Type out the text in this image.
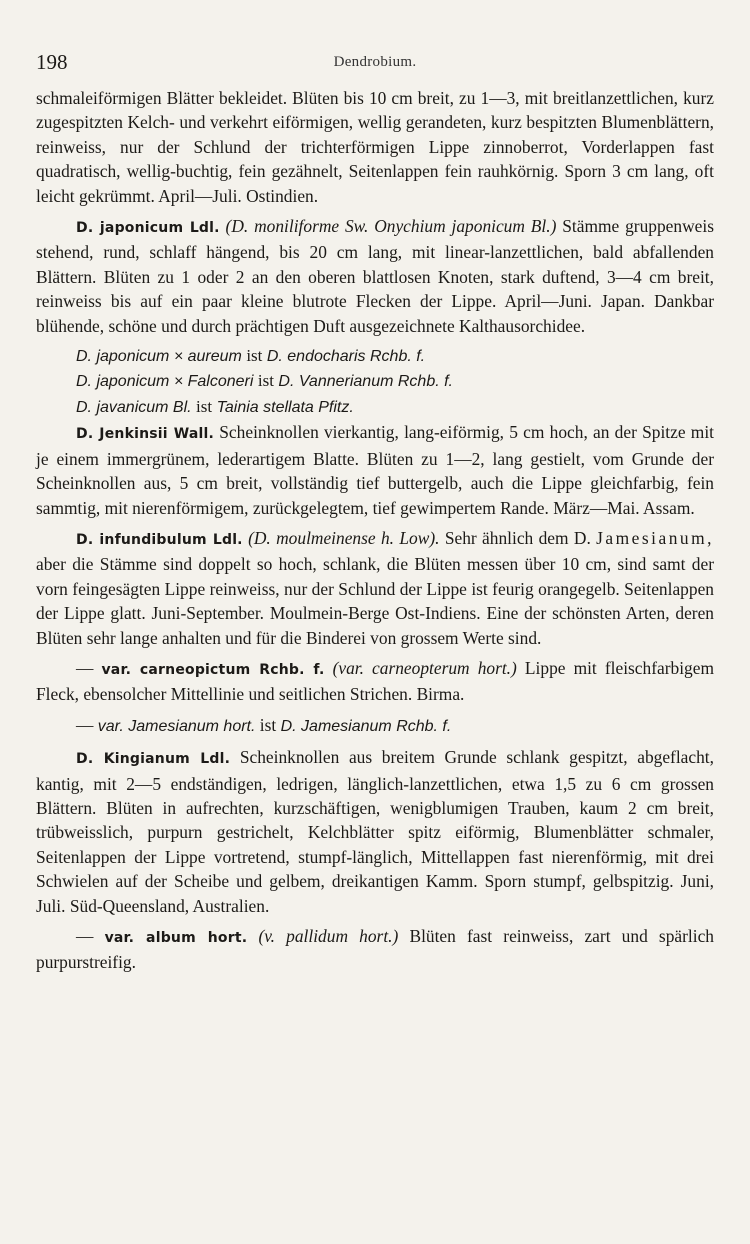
198	Dendrobium.

schmaleiförmigen Blätter bekleidet. Blüten bis 10 cm breit, zu 1—3, mit breitlanzettlichen, kurz zugespitzten Kelch- und verkehrt eiförmigen, wellig gerandeten, kurz bespitzten Blumenblättern, reinweiss, nur der Schlund der trichterförmigen Lippe zinnoberrot, Vorderlappen fast quadratisch, wellig-buchtig, fein gezähnelt, Seitenlappen fein rauhkörnig. Sporn 3 cm lang, oft leicht gekrümmt. April—Juli. Ostindien.

D. japonicum Ldl. (D. moniliforme Sw. Onychium japonicum Bl.) Stämme gruppenweis stehend, rund, schlaff hängend, bis 20 cm lang, mit linear-lanzettlichen, bald abfallenden Blättern. Blüten zu 1 oder 2 an den oberen blattlosen Knoten, stark duftend, 3—4 cm breit, reinweiss bis auf ein paar kleine blutrote Flecken der Lippe. April—Juni. Japan. Dankbar blühende, schöne und durch prächtigen Duft ausgezeichnete Kalthausorchidee.

D. japonicum × aureum ist D. endocharis Rchb. f.
D. japonicum × Falconeri ist D. Vannerianum Rchb. f.
D. javanicum Bl. ist Tainia stellata Pfitz.

D. Jenkinsii Wall. Scheinknollen vierkantig, lang-eiförmig, 5 cm hoch, an der Spitze mit je einem immergrünem, lederartigem Blatte. Blüten zu 1—2, lang gestielt, vom Grunde der Scheinknollen aus, 5 cm breit, vollständig tief buttergelb, auch die Lippe gleichfarbig, fein sammtig, mit nierenförmigem, zurückgelegtem, tief gewimpertem Rande. März—Mai. Assam.

D. infundibulum Ldl. (D. moulmeinense h. Low). Sehr ähnlich dem D. Jamesianum, aber die Stämme sind doppelt so hoch, schlank, die Blüten messen über 10 cm, sind samt der vorn feingesägten Lippe reinweiss, nur der Schlund der Lippe ist feurig orangegelb. Seitenlappen der Lippe glatt. Juni-September. Moulmein-Berge Ost-Indiens. Eine der schönsten Arten, deren Blüten sehr lange anhalten und für die Binderei von grossem Werte sind.

— var. carneopictum Rchb. f. (var. carneopterum hort.) Lippe mit fleischfarbigem Fleck, ebensolcher Mittellinie und seitlichen Strichen. Birma.

— var. Jamesianum hort. ist D. Jamesianum Rchb. f.

D. Kingianum Ldl. Scheinknollen aus breitem Grunde schlank gespitzt, abgeflacht, kantig, mit 2—5 endständigen, ledrigen, länglich-lanzettlichen, etwa 1,5 zu 6 cm grossen Blättern. Blüten in aufrechten, kurzschäftigen, wenigblumigen Trauben, kaum 2 cm breit, trübweisslich, purpurn gestrichelt, Kelchblätter spitz eiförmig, Blumenblätter schmaler, Seitenlappen der Lippe vortretend, stumpf-länglich, Mittellappen fast nierenförmig, mit drei Schwielen auf der Scheibe und gelbem, dreikantigen Kamm. Sporn stumpf, gelbspitzig. Juni, Juli. Süd-Queensland, Australien.

— var. album hort. (v. pallidum hort.) Blüten fast reinweiss, zart und spärlich purpurstreifig.
